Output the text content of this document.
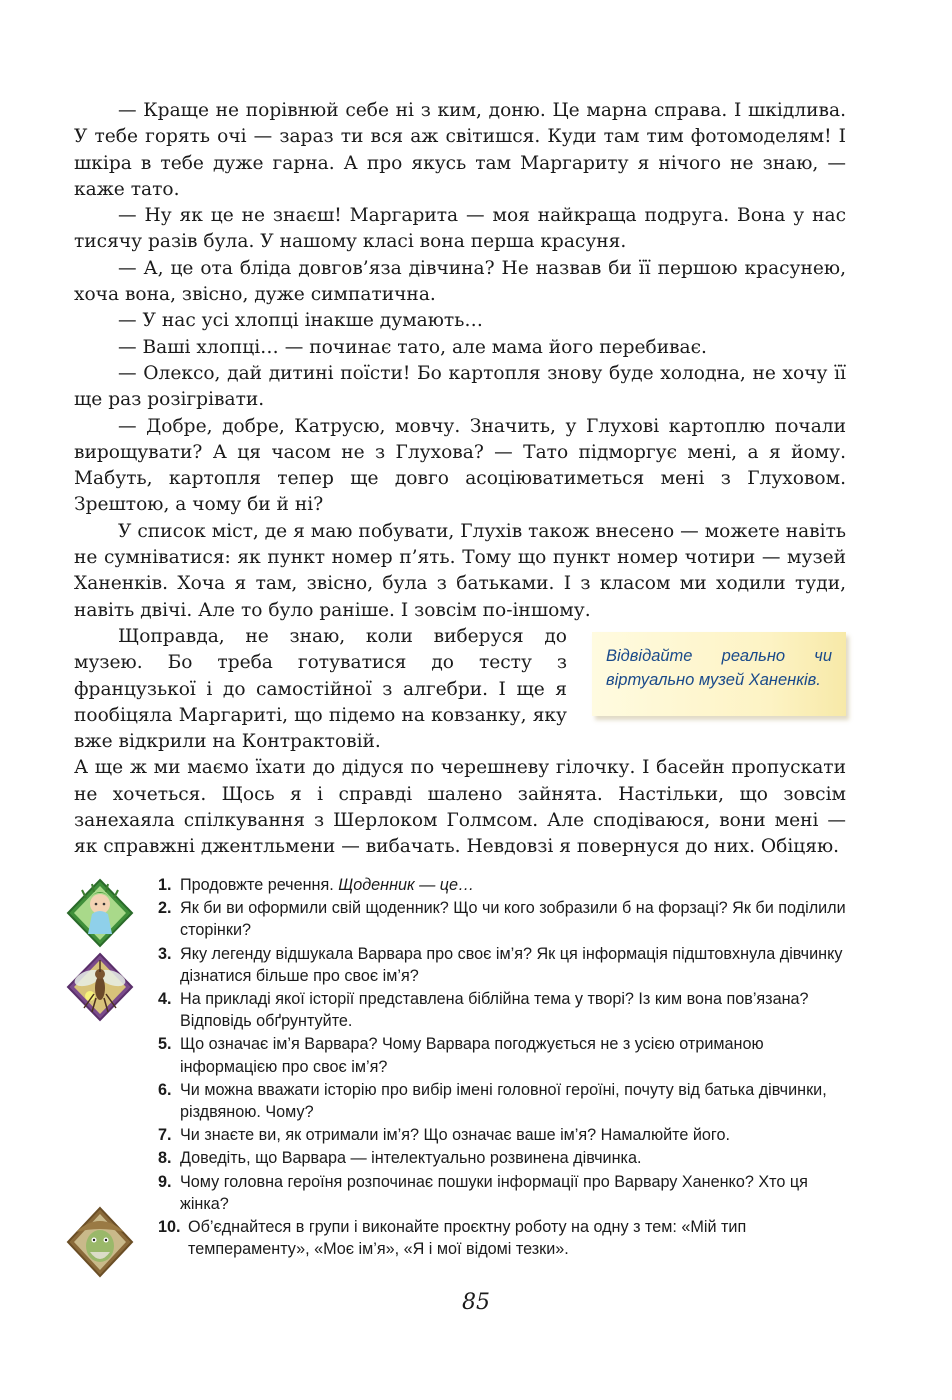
— Краще не порівнюй себе ні з ким, доню. Це марна справа. І шкідлива. У тебе горять очі — зараз ти вся аж світишся. Куди там тим фотомоделям! І шкіра в тебе дуже гарна. А про якусь там Маргариту я нічого не знаю, — каже тато.

— Ну як це не знаєш! Маргарита — моя найкраща подруга. Вона у нас тисячу разів була. У нашому класі вона перша красуня.

— А, це ота бліда довгов’яза дівчина? Не назвав би її першою красунею, хоча вона, звісно, дуже симпатична.

— У нас усі хлопці інакше думають…

— Ваші хлопці… — починає тато, але мама його перебиває.

— Олексо, дай дитині поїсти! Бо картопля знову буде холодна, не хочу її ще раз розігрівати.

— Добре, добре, Катрусю, мовчу. Значить, у Глухові картоплю почали вирощувати? А ця часом не з Глухова? — Тато підморгує мені, а я йому. Мабуть, картопля тепер ще довго асоціюватиметься мені з Глуховом. Зрештою, а чому би й ні?

У список міст, де я маю побувати, Глухів також внесено — можете навіть не сумніватися: як пункт номер п’ять. Тому що пункт номер чотири — музей Ханенків. Хоча я там, звісно, була з батьками. І з класом ми ходили туди, навіть двічі. Але то було раніше. І зовсім по-іншому.

Щоправда, не знаю, коли виберуся до музею. Бо треба готуватися до тесту з французької і до самостійної з алгебри. І ще я пообіцяла Маргариті, що підемо на ковзанку, яку вже відкрили на Контрактовій.

Відвідайте реально чи віртуально музей Ханенків.

А ще ж ми маємо їхати до дідуся по черешневу гілочку. І басейн пропускати не хочеться. Щось я і справді шалено зайнята. Настільки, що зовсім занехаяла спілкування з Шерлоком Голмсом. Але сподіваюся, вони мені — як справжні джентльмени — вибачать. Невдовзі я повернуся до них. Обіцяю.

1. Продовжте речення. Щоденник — це…
2. Як би ви оформили свій щоденник? Що чи кого зобразили б на форзаці? Як би поділили сторінки?
3. Яку легенду відшукала Варвара про своє ім’я? Як ця інформація підштовхнула дівчинку дізнатися більше про своє ім’я?
4. На прикладі якої історії представлена біблійна тема у творі? Із ким вона пов’язана? Відповідь обґрунтуйте.
5. Що означає ім’я Варвара? Чому Варвара погоджується не з усією отриманою інформацією про своє ім’я?
6. Чи можна вважати історію про вибір імені головної героїні, почуту від батька дівчинки, різдвяною. Чому?
7. Чи знаєте ви, як отримали ім’я? Що означає ваше ім’я? Намалюйте його.
8. Доведіть, що Варвара — інтелектуально розвинена дівчинка.
9. Чому головна героїня розпочинає пошуки інформації про Варвару Ханенко? Хто ця жінка?
10. Об’єднайтеся в групи і виконайте проєктну роботу на одну з тем: «Мій тип темпераменту», «Моє ім’я», «Я і мої відомі тезки».
85
